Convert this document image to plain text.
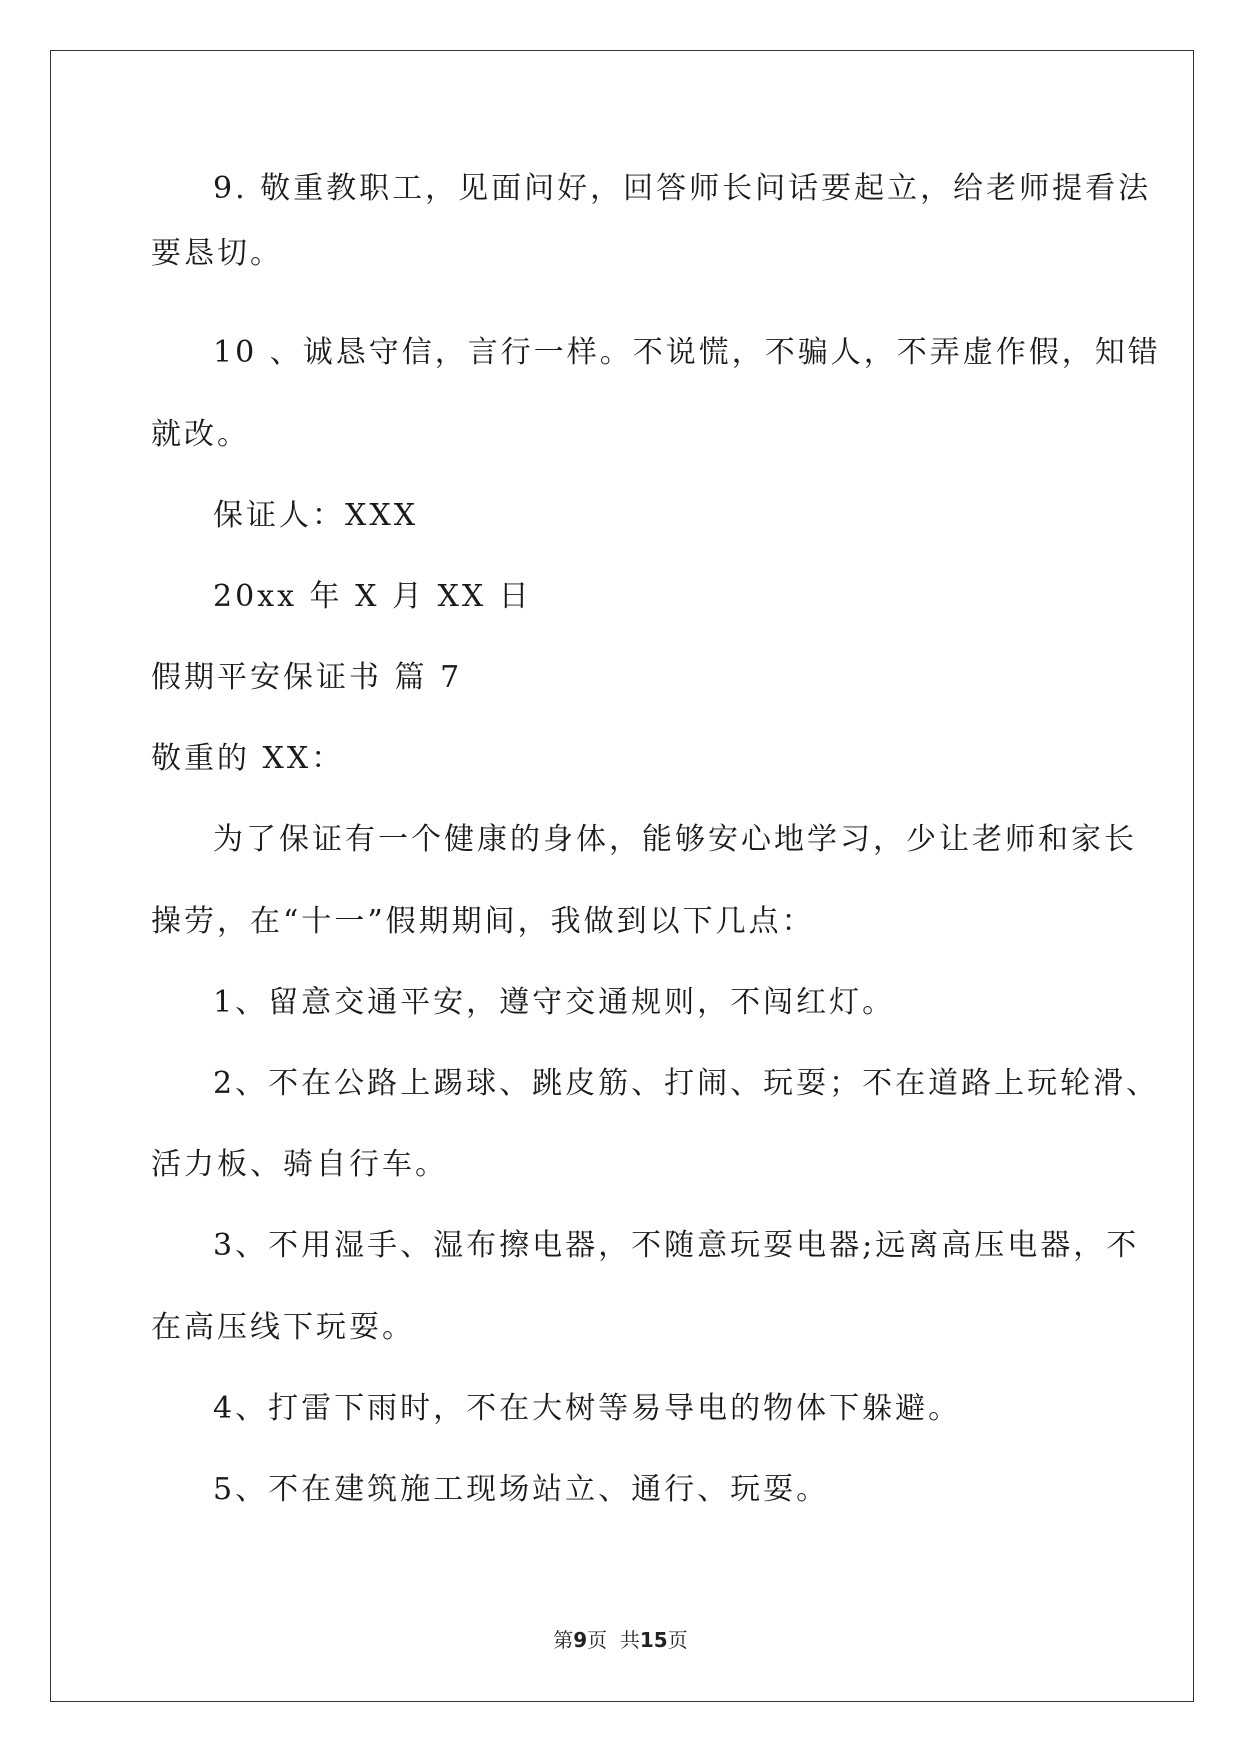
9. 敬重教职工，见面问好，回答师长问话要起立，给老师提看法
要恳切。
10 、诚恳守信，言行一样。不说慌，不骗人，不弄虚作假，知错
就改。
保证人：XXX
20xx 年 X 月 XX 日
假期平安保证书 篇 7
敬重的 XX：
为了保证有一个健康的身体，能够安心地学习，少让老师和家长
操劳，在“十一”假期期间，我做到以下几点：
1、留意交通平安，遵守交通规则，不闯红灯。
2、不在公路上踢球、跳皮筋、打闹、玩耍；不在道路上玩轮滑、
活力板、骑自行车。
3、不用湿手、湿布擦电器，不随意玩耍电器;远离高压电器，不
在高压线下玩耍。
4、打雷下雨时，不在大树等易导电的物体下躲避。
5、不在建筑施工现场站立、通行、玩耍。
第9页  共15页
